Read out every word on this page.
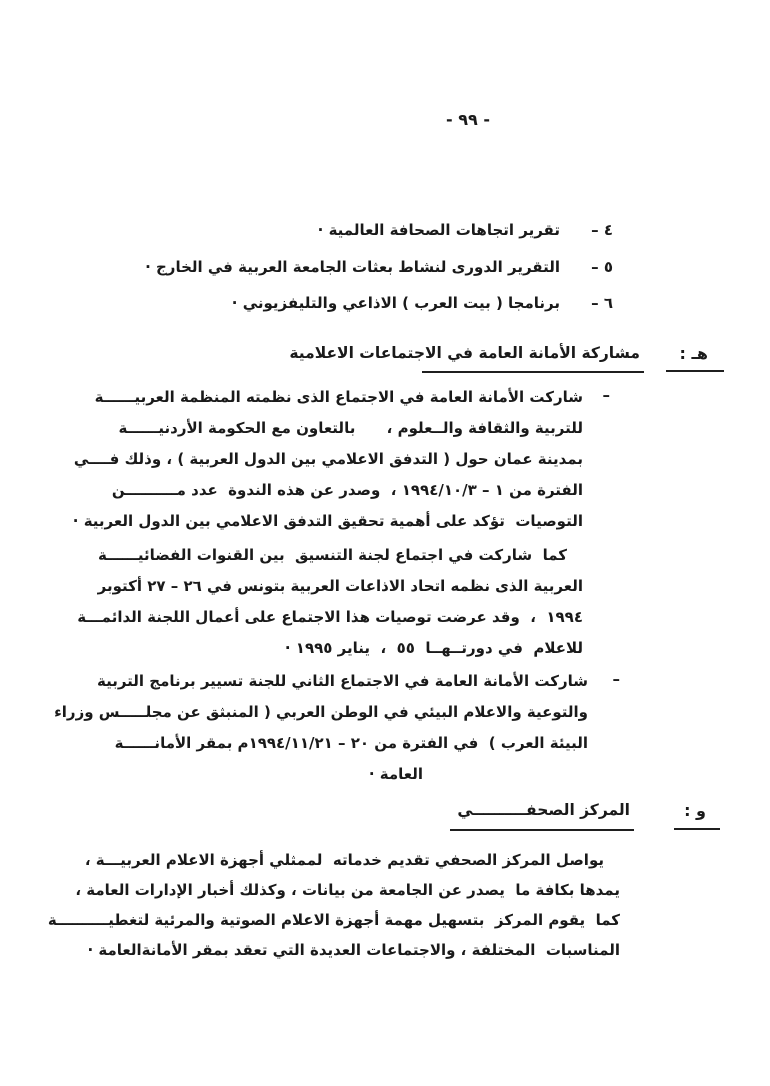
- ٩٩ -
٤ –
تقرير اتجاهات الصحافة العالمية ·
٥ –
التقرير الدورى لنشاط بعثات الجامعة العربية في الخارج ·
٦ –
برنامجا ( بيت العرب ) الاذاعي والتليفزيوني ·
هـ :
مشاركة الأمانة العامة في الاجتماعات الاعلامية
–
شاركت الأمانة العامة في الاجتماع الذى نظمته المنظمة العربيــــــة
للتربية والثقافة والــعلوم ،      بالتعاون مع الحكومة الأردنيــــــة
بمدينة عمان حول ( التدفق الاعلامي بين الدول العربية ) ، وذلك فــــي
الفترة من ١ – ١٩٩٤/١٠/٣ ،  وصدر عن هذه الندوة  عدد مــــــــــن
التوصيات  تؤكد على أهمية تحقيق التدفق الاعلامي بين الدول العربية ·
كما  شاركت في اجتماع لجنة التنسيق  بين القنوات الفضائيــــــة
العربية الذى نظمه اتحاد الاذاعات العربية بتونس في ٢٦ – ٢٧ أكتوبر
١٩٩٤  ،  وقد عرضت توصيات هذا الاجتماع على أعمال اللجنة الدائمـــة
للاعلام  في دورتــهــا  ٥٥  ،  يناير ١٩٩٥ ·
–
شاركت الأمانة العامة في الاجتماع الثاني للجنة تسيير برنامج التربية
والتوعية والاعلام البيئي في الوطن العربي ( المنبثق عن مجلـــــس وزراء
البيئة العرب )  في الفترة من ٢٠ – ١٩٩٤/١١/٢١م بمقر الأمانــــــة
العامة ·
و :
المركز الصحفــــــــــي
يواصل المركز الصحفي تقديم خدماته  لممثلي أجهزة الاعلام العربيـــة ،
يمدها بكافة ما  يصدر عن الجامعة من بيانات ، وكذلك أخبار الإدارات العامة ،
كما  يقوم المركز  بتسهيل مهمة أجهزة الاعلام الصوتية والمرئية لتغطيــــــــــة
المناسبات  المختلفة ، والاجتماعات العديدة التي تعقد بمقر الأمانةالعامة ·
